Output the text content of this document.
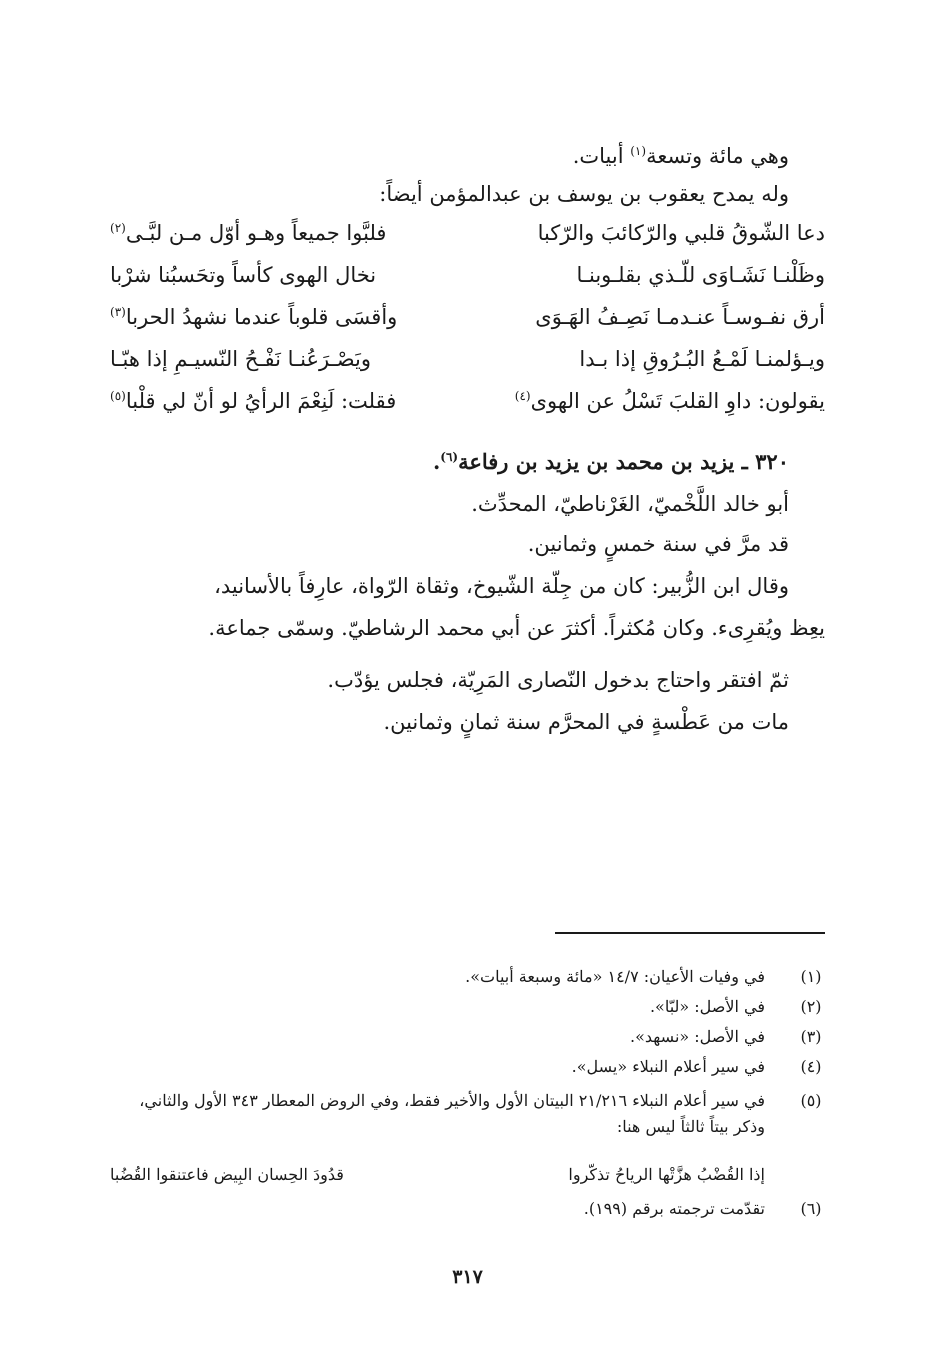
وهي مائة وتسعة$^{(١)}$ أبيات.
وله يمدح يعقوب بن يوسف بن عبدالمؤمن أيضاً:
دعا الشّوقُ قلبي والرّكائبَ والرّكبا
فلبَّوا جميعاً وهـو أوّل مـن لبَّـى$^{(٢)}$
وظَلْنـا نَشَـاوَى للّـذي بقلـوبنـا
نخال الهوى كأساً وتحَسبُنا شرْبا
أرق نفـوسـاً عنـدمـا نَصِـفُ الهَـوَى
وأقسَى قلوباً عندما نشهدُ الحربا$^{(٣)}$
ويـؤلمنـا لَمْـعُ البُـرُوقِ إذا بـدا
ويَصْـرَعُنـا نَفْـحُ النّسيـمِ إذا هبّـا
يقولون: داوِ القلبَ تَسْلُ عن الهوى$^{(٤)}$
فقلت: لَنِعْمَ الرأيُ لو أنّ لي قلْبا$^{(٥)}$
٣٢٠ ـ يزيد بن محمد بن يزيد بن رفاعة$^{(٦)}$.
أبو خالد اللَّخْميّ، الغَرْناطيّ، المحدِّث.
قد مرَّ في سنة خمسٍ وثمانين.
وقال ابن الزُّبير: كان من جِلّة الشّيوخ، وثقاة الرّواة، عارِفاً بالأسانيد،
يعِظ ويُقرِىء. وكان مُكثراً. أكثرَ عن أبي محمد الرشاطيّ. وسمّى جماعة.
ثمّ افتقر واحتاج بدخول النّصارى المَرِيّة، فجلس يؤدّب.
مات من عَطْسةٍ في المحرَّم سنة ثمانٍ وثمانين.
(١)
في وفيات الأعيان: ١٤/٧ «مائة وسبعة أبيات».
(٢)
في الأصل: «لبّا».
(٣)
في الأصل: «نسهد».
(٤)
في سير أعلام النبلاء «يسل».
(٥)
في سير أعلام النبلاء ٢١/٢١٦ البيتان الأول والأخير فقط، وفي الروض المعطار ٣٤٣ الأول والثاني، وذكر بيتاً ثالثاً ليس هنا:
إذا القُضْبُ هزَّتْها الرياحُ تذكّروا
قدُودَ الحِسان البِيض فاعتنقوا القُضُبا
(٦)
تقدّمت ترجمته برقم (١٩٩).
٣١٧
